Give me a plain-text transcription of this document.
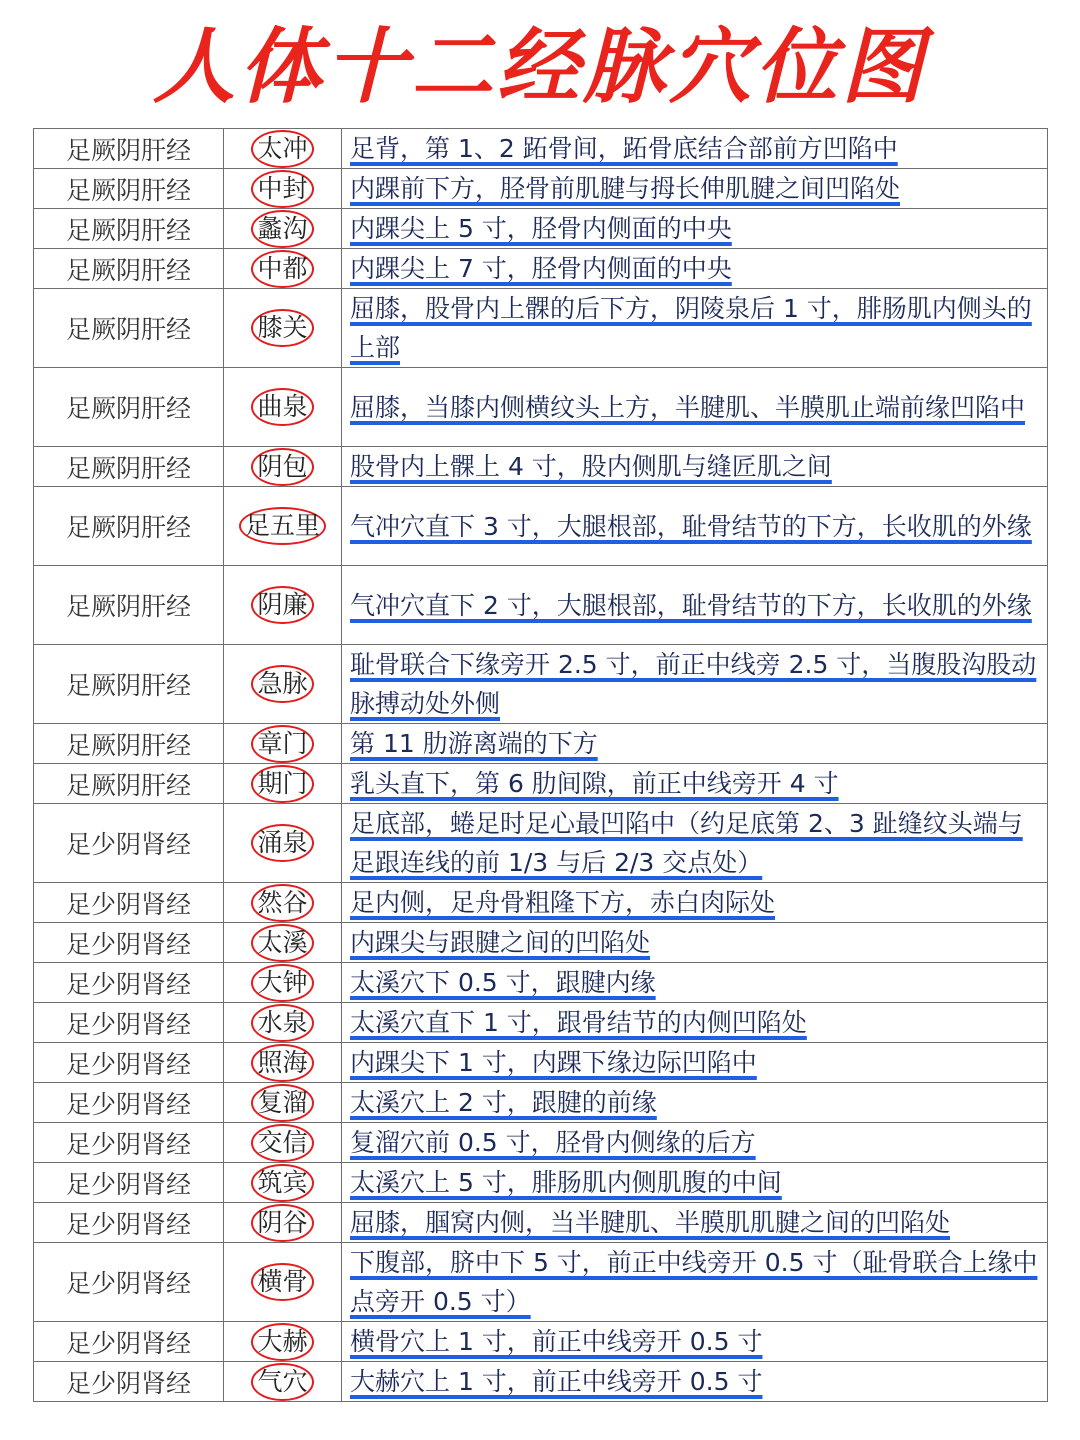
人体十二经脉穴位图
足厥阴肝经	太冲	足背，第 1、2 跖骨间，跖骨底结合部前方凹陷中
足厥阴肝经	中封	内踝前下方，胫骨前肌腱与拇长伸肌腱之间凹陷处
足厥阴肝经	蠡沟	内踝尖上 5 寸，胫骨内侧面的中央
足厥阴肝经	中都	内踝尖上 7 寸，胫骨内侧面的中央
足厥阴肝经	膝关	屈膝，股骨内上髁的后下方，阴陵泉后 1 寸，腓肠肌内侧头的上部
足厥阴肝经	曲泉	屈膝，当膝内侧横纹头上方，半腱肌、半膜肌止端前缘凹陷中
足厥阴肝经	阴包	股骨内上髁上 4 寸，股内侧肌与缝匠肌之间
足厥阴肝经	足五里	气冲穴直下 3 寸，大腿根部，耻骨结节的下方，长收肌的外缘
足厥阴肝经	阴廉	气冲穴直下 2 寸，大腿根部，耻骨结节的下方，长收肌的外缘
足厥阴肝经	急脉	耻骨联合下缘旁开 2.5 寸，前正中线旁 2.5 寸，当腹股沟股动脉搏动处外侧
足厥阴肝经	章门	第 11 肋游离端的下方
足厥阴肝经	期门	乳头直下，第 6 肋间隙，前正中线旁开 4 寸
足少阴肾经	涌泉	足底部，蜷足时足心最凹陷中（约足底第 2、3 趾缝纹头端与足跟连线的前 1/3 与后 2/3 交点处）
足少阴肾经	然谷	足内侧，足舟骨粗隆下方，赤白肉际处
足少阴肾经	太溪	内踝尖与跟腱之间的凹陷处
足少阴肾经	大钟	太溪穴下 0.5 寸，跟腱内缘
足少阴肾经	水泉	太溪穴直下 1 寸，跟骨结节的内侧凹陷处
足少阴肾经	照海	内踝尖下 1 寸，内踝下缘边际凹陷中
足少阴肾经	复溜	太溪穴上 2 寸，跟腱的前缘
足少阴肾经	交信	复溜穴前 0.5 寸，胫骨内侧缘的后方
足少阴肾经	筑宾	太溪穴上 5 寸，腓肠肌内侧肌腹的中间
足少阴肾经	阴谷	屈膝，腘窝内侧，当半腱肌、半膜肌肌腱之间的凹陷处
足少阴肾经	横骨	下腹部，脐中下 5 寸，前正中线旁开 0.5 寸（耻骨联合上缘中点旁开 0.5 寸）
足少阴肾经	大赫	横骨穴上 1 寸，前正中线旁开 0.5 寸
足少阴肾经	气穴	大赫穴上 1 寸，前正中线旁开 0.5 寸
